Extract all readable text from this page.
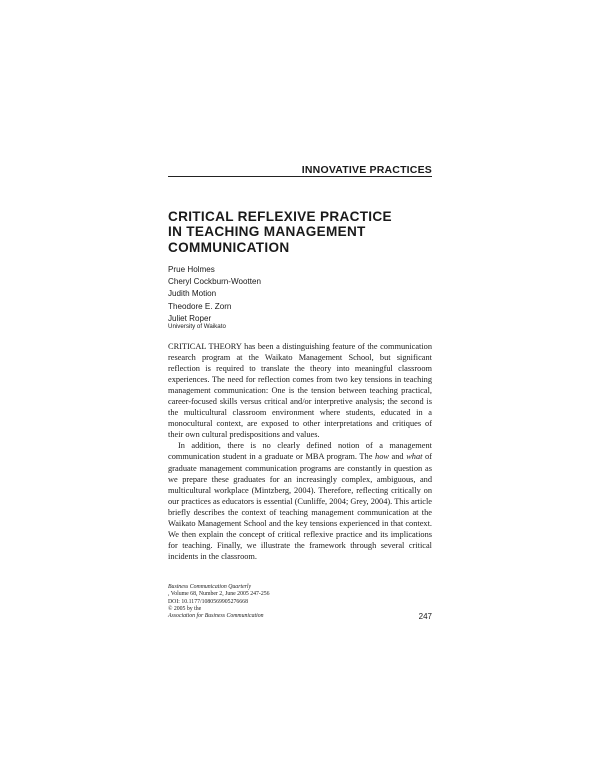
INNOVATIVE PRACTICES
CRITICAL REFLEXIVE PRACTICE
IN TEACHING MANAGEMENT
COMMUNICATION
Prue Holmes
Cheryl Cockburn-Wootten
Judith Motion
Theodore E. Zorn
Juliet Roper
University of Waikato

CRITICAL THEORY has been a distinguishing feature of the communication research program at the Waikato Management School, but significant reflection is required to translate the theory into meaningful classroom experiences. The need for reflection comes from two key tensions in teaching management communication: One is the tension between teaching practical, career-focused skills versus critical and/or interpretive analysis; the second is the multicultural classroom environment where students, educated in a monocultural context, are exposed to other interpretations and critiques of their own cultural predispositions and values.

In addition, there is no clearly defined notion of a management communication student in a graduate or MBA program. The how and what of graduate management communication programs are constantly in question as we prepare these graduates for an increasingly complex, ambiguous, and multicultural workplace (Mintzberg, 2004). Therefore, reflecting critically on our practices as educators is essential (Cunliffe, 2004; Grey, 2004). This article briefly describes the context of teaching management communication at the Waikato Management School and the key tensions experienced in that context. We then explain the concept of critical reflexive practice and its implications for teaching. Finally, we illustrate the framework through several critical incidents in the classroom.

Business Communication Quarterly
, Volume 68, Number 2, June 2005 247-256
DOI: 10.1177/1080569905276668
© 2005 by the
Association for Business Communication	247
